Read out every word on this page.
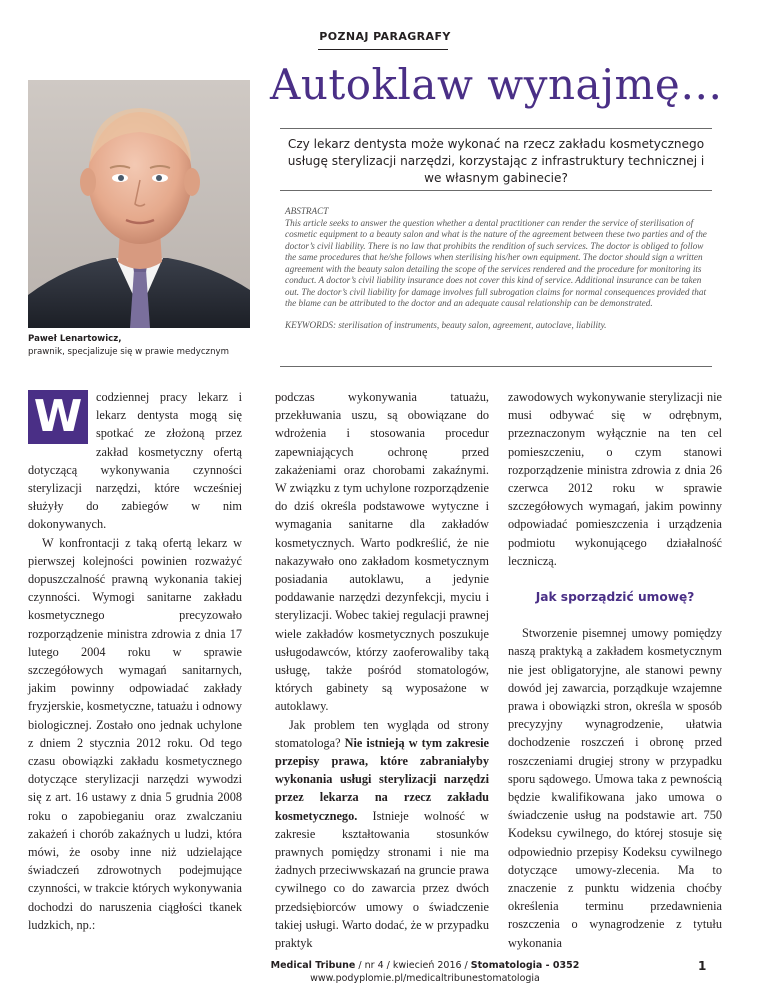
POZNAJ PARAGRAFY
Autoklaw wynajmę…
Czy lekarz dentysta może wykonać na rzecz zakładu kosmetycznego usługę sterylizacji narzędzi, korzystając z infrastruktury technicznej i we własnym gabinecie?
Paweł Lenartowicz,
prawnik, specjalizuje się w prawie medycznym

ABSTRACT

This article seeks to answer the question whether a dental practitioner can render the service of sterilisation of cosmetic equipment to a beauty salon and what is the nature of the agreement between these two parties and of the doctor’s civil liability. There is no law that prohibits the rendition of such services. The doctor is obliged to follow the same procedures that he/she follows when sterilising his/her own equipment. The doctor should sign a written agreement with the beauty salon detailing the scope of the services rendered and the procedure for monitoring its conduct. A doctor’s civil liability insurance does not cover this kind of service. Additional insurance can be taken out. The doctor’s civil liability for damage involves full subrogation claims for normal consequences provided that the blame can be attributed to the doctor and an adequate causal relationship can be demonstrated.

KEYWORDS: sterilisation of instruments, beauty salon, agreement, autoclave, liability.

W	codziennej pracy lekarz i lekarz dentysta mogą się spotkać ze złożoną przez zakład kosmetyczny ofertą dotyczącą wykonywania czynności sterylizacji narzędzi, które wcześniej służyły do zabiegów w nim dokonywanych.

W konfrontacji z taką ofertą lekarz w pierwszej kolejności powinien rozważyć dopuszczalność prawną wykonania takiej czynności. Wymogi sanitarne zakładu kosmetycznego precyzowało rozporządzenie ministra zdrowia z dnia 17 lutego 2004 roku w sprawie szczegółowych wymagań sanitarnych, jakim powinny odpowiadać zakłady fryzjerskie, kosmetyczne, tatuażu i odnowy biologicznej. Zostało ono jednak uchylone z dniem 2 stycznia 2012 roku. Od tego czasu obowiązki zakładu kosmetycznego dotyczące sterylizacji narzędzi wywodzi się z art. 16 ustawy z dnia 5 grudnia 2008 roku o zapobieganiu oraz zwalczaniu zakażeń i chorób zakaźnych u ludzi, która mówi, że osoby inne niż udzielające świadczeń zdrowotnych podejmujące czynności, w trakcie których wykonywania dochodzi do naruszenia ciągłości tkanek ludzkich, np.:

podczas wykonywania tatuażu, przekłuwania uszu, są obowiązane do wdrożenia i stosowania procedur zapewniających ochronę przed zakażeniami oraz chorobami zakaźnymi. W związku z tym uchylone rozporządzenie do dziś określa podstawowe wytyczne i wymagania sanitarne dla zakładów kosmetycznych. Warto podkreślić, że nie nakazywało ono zakładom kosmetycznym posiadania autoklawu, a jedynie poddawanie narzędzi dezynfekcji, myciu i sterylizacji. Wobec takiej regulacji prawnej wiele zakładów kosmetycznych poszukuje usługodawców, którzy zaoferowaliby taką usługę, także pośród stomatologów, których gabinety są wyposażone w autoklawy.

Jak problem ten wygląda od strony stomatologa? Nie istnieją w tym zakresie przepisy prawa, które zabraniałyby wykonania usługi sterylizacji narzędzi przez lekarza na rzecz zakładu kosmetycznego. Istnieje wolność w zakresie kształtowania stosunków prawnych pomiędzy stronami i nie ma żadnych przeciwwskazań na gruncie prawa cywilnego co do zawarcia przez dwóch przedsiębiorców umowy o świadczenie takiej usługi. Warto dodać, że w przypadku praktyk

zawodowych wykonywanie sterylizacji nie musi odbywać się w odrębnym, przeznaczonym wyłącznie na ten cel pomieszczeniu, o czym stanowi rozporządzenie ministra zdrowia z dnia 26 czerwca 2012 roku w sprawie szczegółowych wymagań, jakim powinny odpowiadać pomieszczenia i urządzenia podmiotu wykonującego działalność leczniczą.

Jak sporządzić umowę?

Stworzenie pisemnej umowy pomiędzy naszą praktyką a zakładem kosmetycznym nie jest obligatoryjne, ale stanowi pewny dowód jej zawarcia, porządkuje wzajemne prawa i obowiązki stron, określa w sposób precyzyjny wynagrodzenie, ułatwia dochodzenie roszczeń i obronę przed roszczeniami drugiej strony w przypadku sporu sądowego. Umowa taka z pewnością będzie kwalifikowana jako umowa o świadczenie usług na podstawie art. 750 Kodeksu cywilnego, do której stosuje się odpowiednio przepisy Kodeksu cywilnego dotyczące umowy-zlecenia. Ma to znaczenie z punktu widzenia choćby określenia terminu przedawnienia roszczenia o wynagrodzenie z tytułu wykonania

Medical Tribune / nr 4 / kwiecień 2016 / Stomatologia - 0352
www.podyplomie.pl/medicaltribunestomatologia
1
